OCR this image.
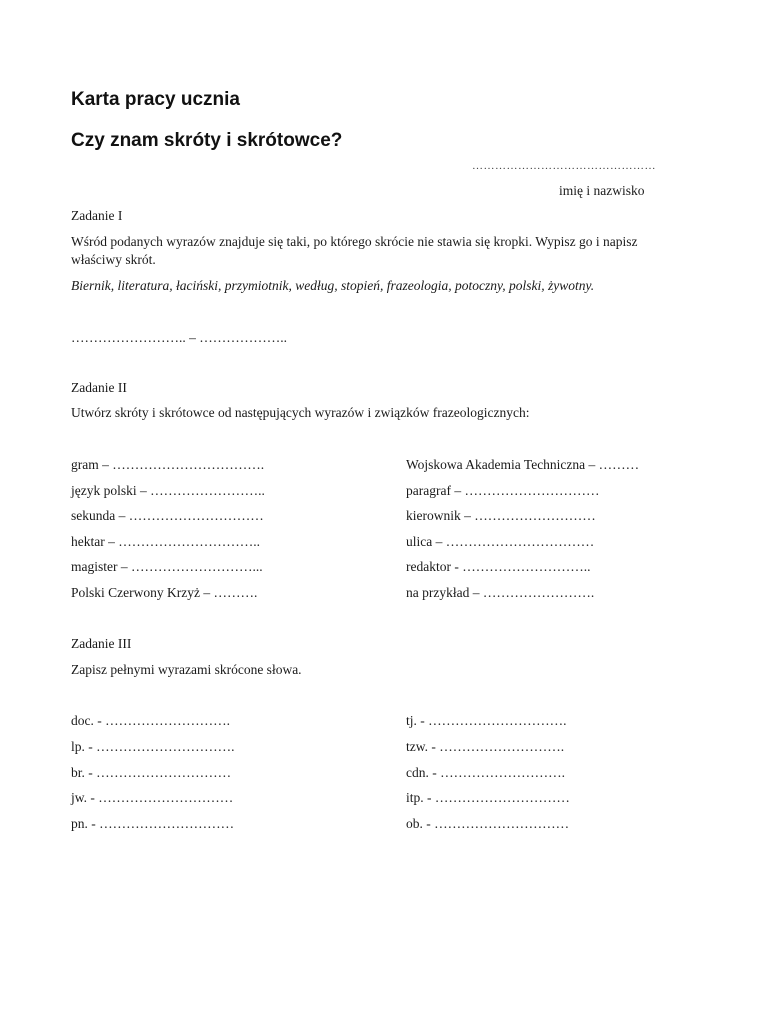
Karta pracy ucznia
Czy znam skróty i skrótowce?
…………………………………………
imię i nazwisko
Zadanie I
Wśród podanych wyrazów znajduje się taki, po którego skrócie nie stawia się kropki. Wypisz go i napisz właściwy skrót.
Biernik, literatura, łaciński, przymiotnik, według, stopień, frazeologia, potoczny, polski, żywotny.
…………………….. – ………………..
Zadanie II
Utwórz skróty i skrótowce od następujących wyrazów i związków frazeologicznych:
gram – …………………………….
język polski – ……………………..
sekunda – …………………………
hektar – …………………………..
magister – ………………………...
Polski Czerwony Krzyż – ……….
Wojskowa Akademia Techniczna – ………
paragraf – …………………………
kierownik – ………………………
ulica – ……………………………
redaktor - ………………………..
na przykład – …………………….
Zadanie III
Zapisz pełnymi wyrazami skrócone słowa.
doc. - ……………………….
lp. - ………………………….
br. - …………………………
jw. - …………………………
pn. - …………………………
tj. - ………………………….
tzw. - ……………………….
cdn. - ……………………….
itp. - …………………………
ob. - …………………………
